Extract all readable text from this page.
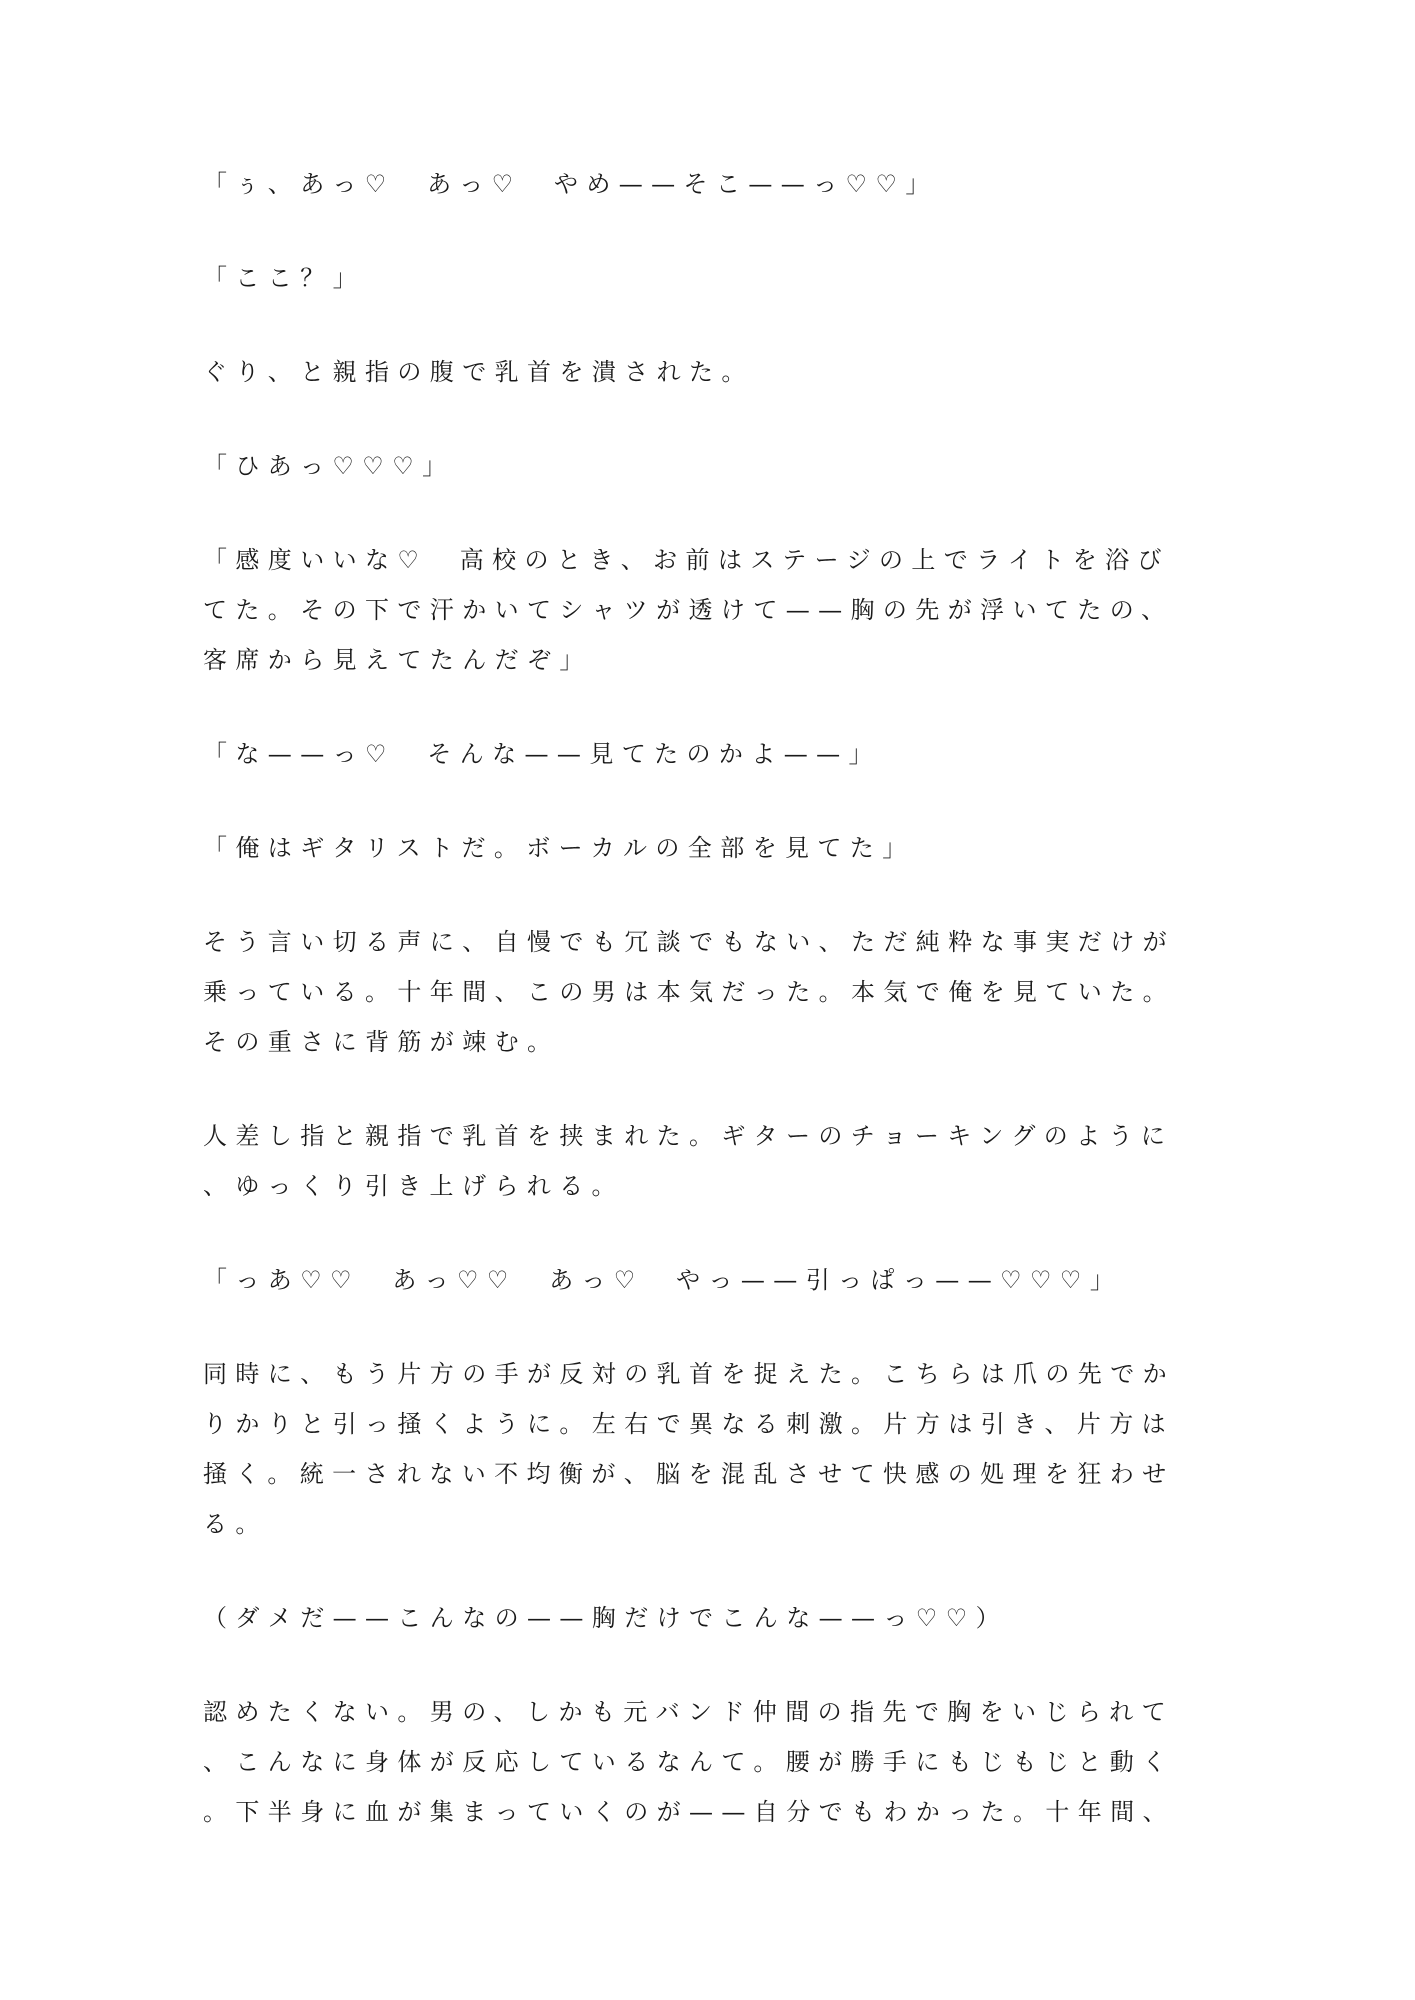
「ぅ、あっ♡　あっ♡　やめ——そこ——っ♡♡」
「ここ？」
ぐり、と親指の腹で乳首を潰された。
「ひあっ♡♡♡」
「感度いいな♡　高校のとき、お前はステージの上でライトを浴び
てた。その下で汗かいてシャツが透けて——胸の先が浮いてたの、
客席から見えてたんだぞ」
「な——っ♡　そんな——見てたのかよ——」
「俺はギタリストだ。ボーカルの全部を見てた」
そう言い切る声に、自慢でも冗談でもない、ただ純粋な事実だけが
乗っている。十年間、この男は本気だった。本気で俺を見ていた。
その重さに背筋が竦む。
人差し指と親指で乳首を挟まれた。ギターのチョーキングのように
、ゆっくり引き上げられる。
「っあ♡♡　あっ♡♡　あっ♡　やっ——引っぱっ——♡♡♡」
同時に、もう片方の手が反対の乳首を捉えた。こちらは爪の先でか
りかりと引っ掻くように。左右で異なる刺激。片方は引き、片方は
掻く。統一されない不均衡が、脳を混乱させて快感の処理を狂わせ
る。
（ダメだ——こんなの——胸だけでこんな——っ♡♡）
認めたくない。男の、しかも元バンド仲間の指先で胸をいじられて
、こんなに身体が反応しているなんて。腰が勝手にもじもじと動く
。下半身に血が集まっていくのが——自分でもわかった。十年間、
